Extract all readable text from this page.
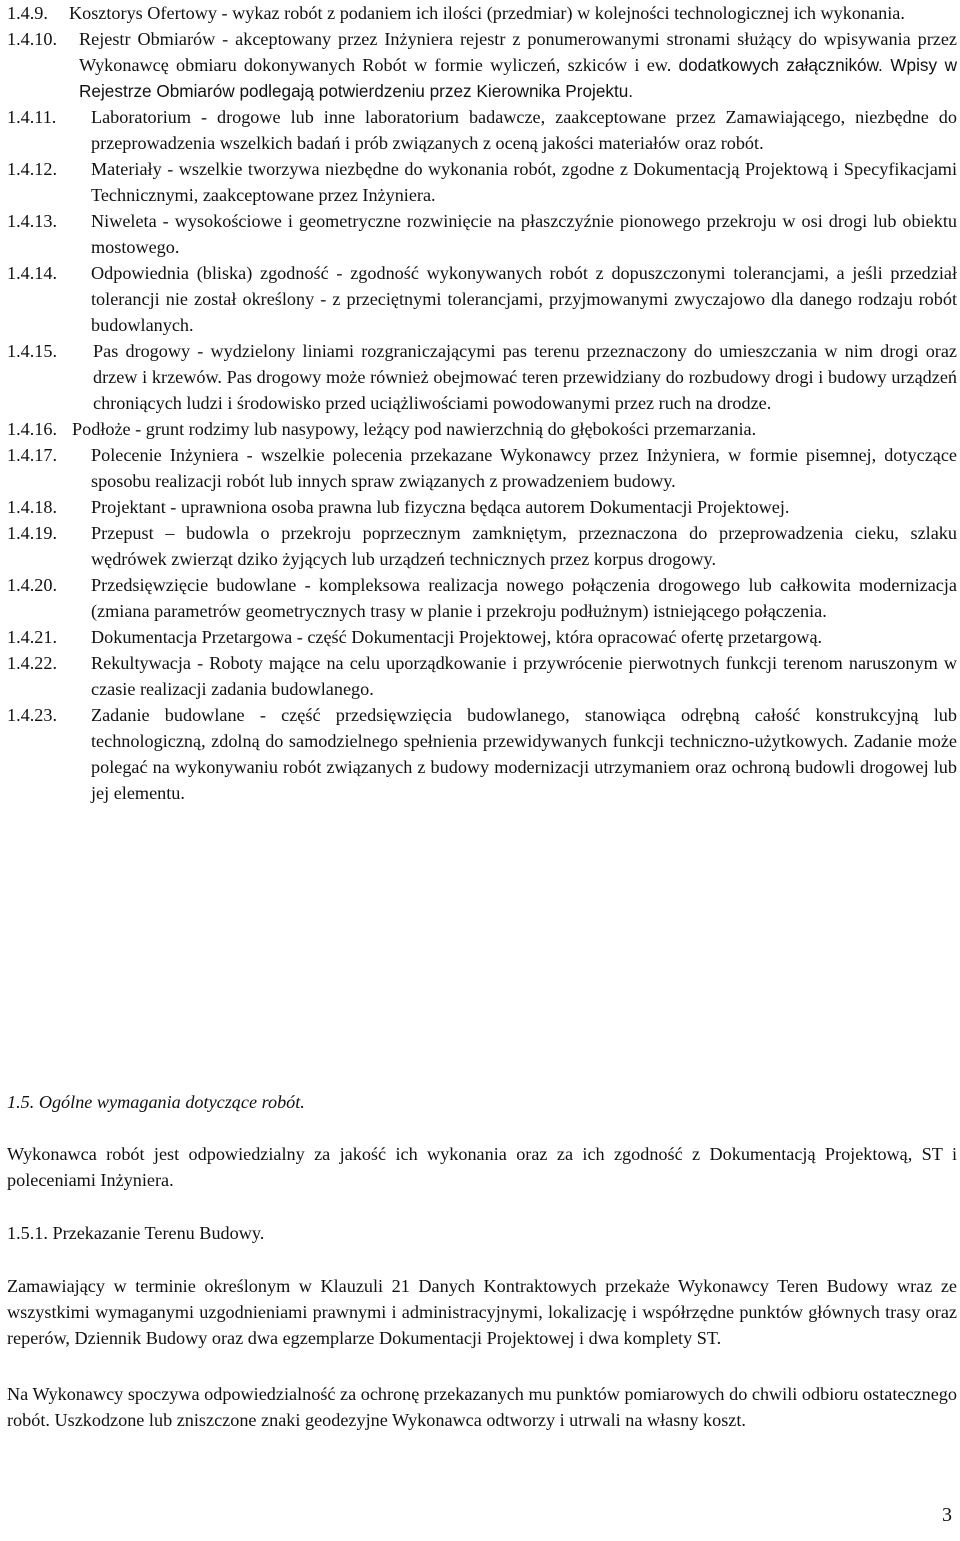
1.4.9. Kosztorys Ofertowy - wykaz robót z podaniem ich ilości (przedmiar) w kolejności technologicznej ich wykonania.
1.4.10. Rejestr Obmiarów - akceptowany przez Inżyniera rejestr z ponumerowanymi stronami służący do wpisywania przez Wykonawcę obmiaru dokonywanych Robót w formie wyliczeń, szkiców i ew. dodatkowych załączników. Wpisy w Rejestrze Obmiarów podlegają potwierdzeniu przez Kierownika Projektu.
1.4.11. Laboratorium - drogowe lub inne laboratorium badawcze, zaakceptowane przez Zamawiającego, niezbędne do przeprowadzenia wszelkich badań i prób związanych z oceną jakości materiałów oraz robót.
1.4.12. Materiały - wszelkie tworzywa niezbędne do wykonania robót, zgodne z Dokumentacją Projektową i Specyfikacjami Technicznymi, zaakceptowane przez Inżyniera.
1.4.13. Niweleta - wysokościowe i geometryczne rozwinięcie na płaszczyźnie pionowego przekroju w osi drogi lub obiektu mostowego.
1.4.14. Odpowiednia (bliska) zgodność - zgodność wykonywanych robót z dopuszczonymi tolerancjami, a jeśli przedział tolerancji nie został określony - z przeciętnymi tolerancjami, przyjmowanymi zwyczajowo dla danego rodzaju robót budowlanych.
1.4.15. Pas drogowy - wydzielony liniami rozgraniczającymi pas terenu przeznaczony do umieszczania w nim drogi oraz drzew i krzewów. Pas drogowy może również obejmować teren przewidziany do rozbudowy drogi i budowy urządzeń chroniących ludzi i środowisko przed uciążliwościami powodowanymi przez ruch na drodze.
1.4.16. Podłoże - grunt rodzimy lub nasypowy, leżący pod nawierzchnią do głębokości przemarzania.
1.4.17. Polecenie Inżyniera - wszelkie polecenia przekazane Wykonawcy przez Inżyniera, w formie pisemnej, dotyczące sposobu realizacji robót lub innych spraw związanych z prowadzeniem budowy.
1.4.18. Projektant - uprawniona osoba prawna lub fizyczna będąca autorem Dokumentacji Projektowej.
1.4.19. Przepust – budowla o przekroju poprzecznym zamkniętym, przeznaczona do przeprowadzenia cieku, szlaku wędrówek zwierząt dziko żyjących lub urządzeń technicznych przez korpus drogowy.
1.4.20. Przedsięwzięcie budowlane - kompleksowa realizacja nowego połączenia drogowego lub całkowita modernizacja (zmiana parametrów geometrycznych trasy w planie i przekroju podłużnym) istniejącego połączenia.
1.4.21. Dokumentacja Przetargowa - część Dokumentacji Projektowej, która opracować ofertę przetargową.
1.4.22. Rekultywacja - Roboty mające na celu uporządkowanie i przywrócenie pierwotnych funkcji terenom naruszonym w czasie realizacji zadania budowlanego.
1.4.23. Zadanie budowlane - część przedsięwzięcia budowlanego, stanowiąca odrębną całość konstrukcyjną lub technologiczną, zdolną do samodzielnego spełnienia przewidywanych funkcji techniczno-użytkowych. Zadanie może polegać na wykonywaniu robót związanych z budowy modernizacji utrzymaniem oraz ochroną budowli drogowej lub jej elementu.
1.5. Ogólne wymagania dotyczące robót.
Wykonawca robót jest odpowiedzialny za jakość ich wykonania oraz za ich zgodność z Dokumentacją Projektową, ST i poleceniami Inżyniera.
1.5.1. Przekazanie Terenu Budowy.
Zamawiający w terminie określonym w Klauzuli 21 Danych Kontraktowych przekaże Wykonawcy Teren Budowy wraz ze wszystkimi wymaganymi uzgodnieniami prawnymi i administracyjnymi, lokalizację i współrzędne punktów głównych trasy oraz reperów, Dziennik Budowy oraz dwa egzemplarze Dokumentacji Projektowej i dwa komplety ST.
Na Wykonawcy spoczywa odpowiedzialność za ochronę przekazanych mu punktów pomiarowych do chwili odbioru ostatecznego robót. Uszkodzone lub zniszczone znaki geodezyjne Wykonawca odtworzy i utrwali na własny koszt.
3
